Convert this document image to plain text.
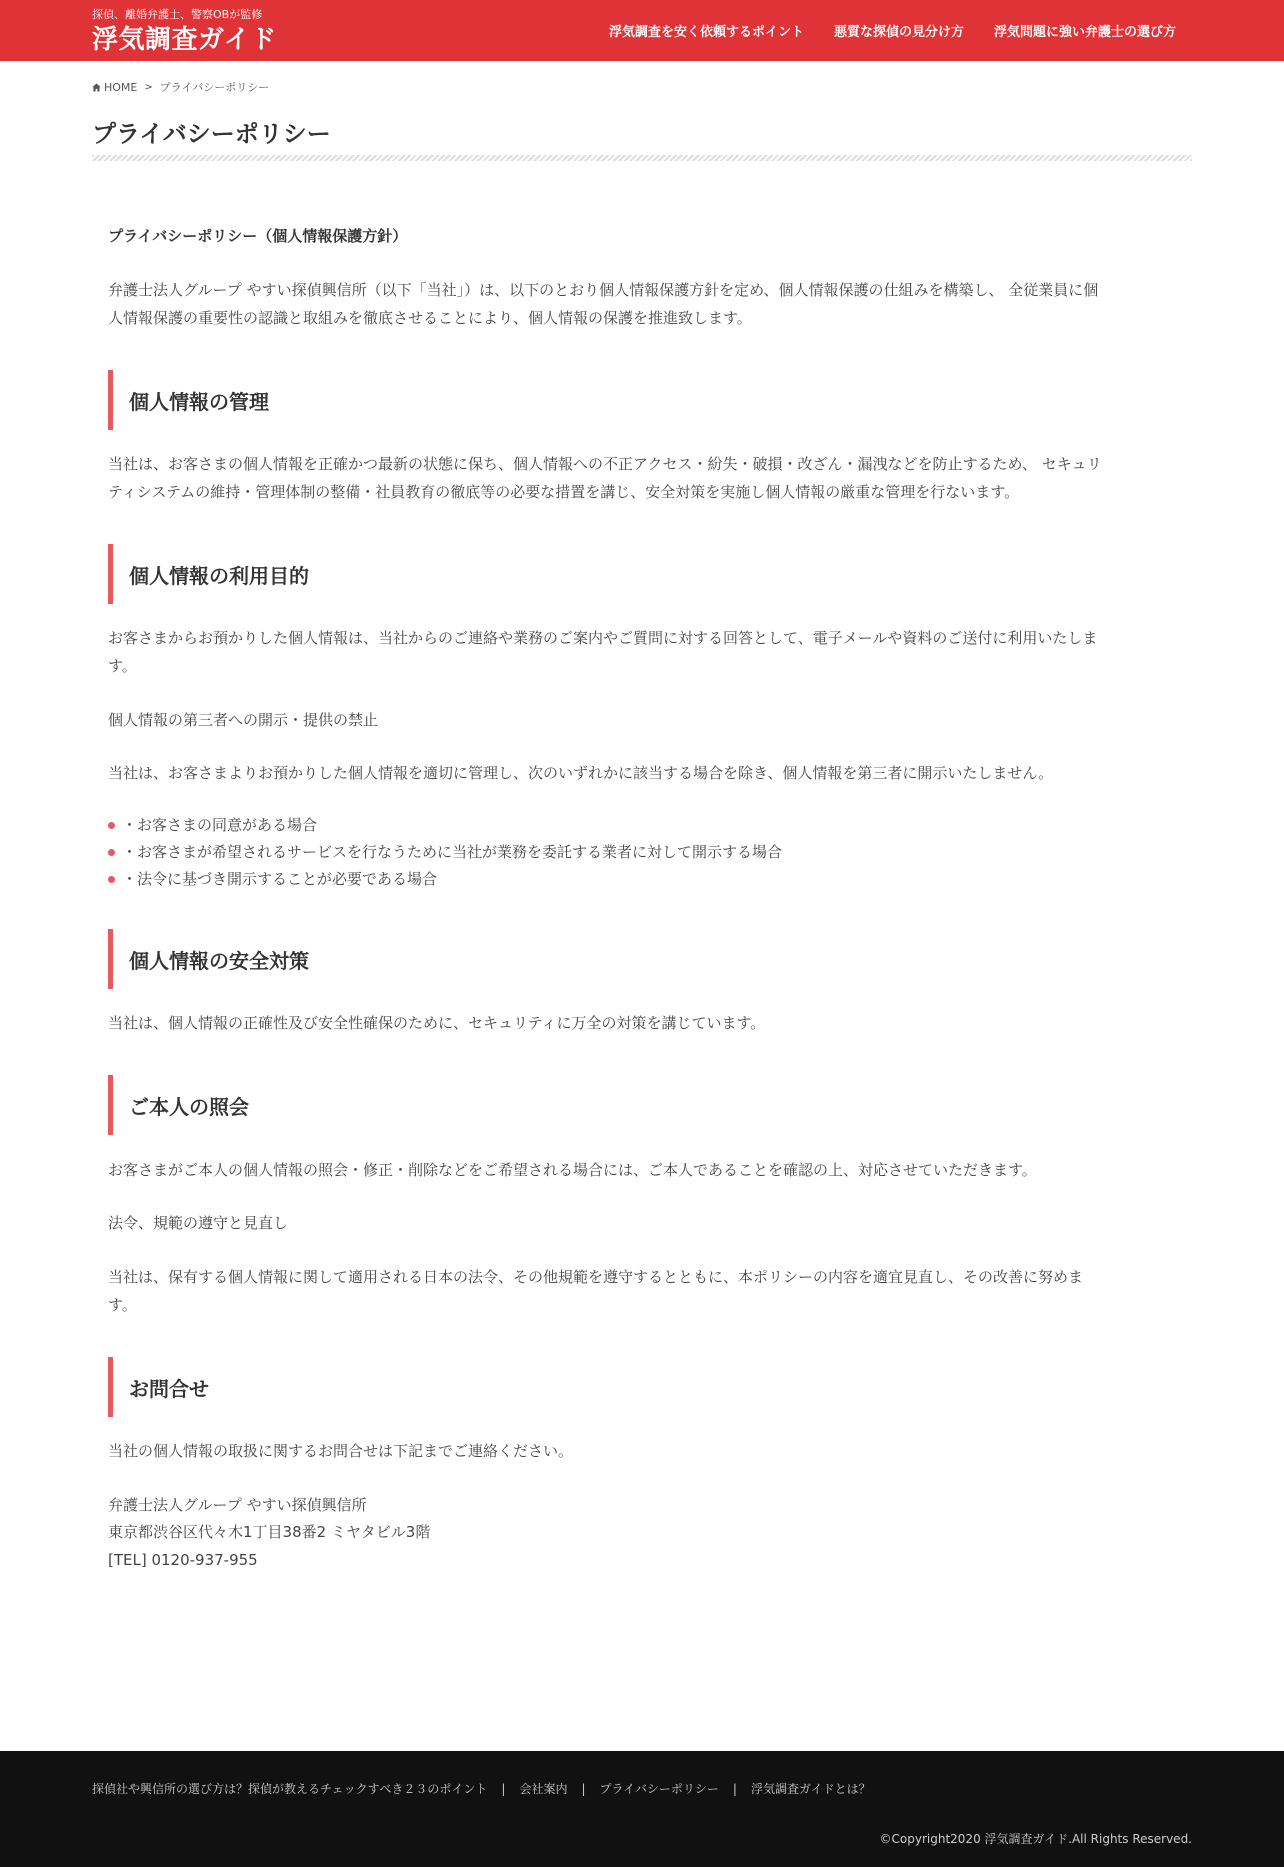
探偵、離婚弁護士、警察OBが監修
浮気調査ガイド	浮気調査を安く依頼するポイント 悪質な探偵の見分け方 浮気問題に強い弁護士の選び方
HOME > プライバシーポリシー
プライバシーポリシー
プライバシーポリシー（個人情報保護方針）
弁護士法人グループ やすい探偵興信所（以下「当社」）は、以下のとおり個人情報保護方針を定め、個人情報保護の仕組みを構築し、 全従業員に個
人情報保護の重要性の認識と取組みを徹底させることにより、個人情報の保護を推進致します。
個人情報の管理
当社は、お客さまの個人情報を正確かつ最新の状態に保ち、個人情報への不正アクセス・紛失・破損・改ざん・漏洩などを防止するため、 セキュリ
ティシステムの維持・管理体制の整備・社員教育の徹底等の必要な措置を講じ、安全対策を実施し個人情報の厳重な管理を行ないます。
個人情報の利用目的
お客さまからお預かりした個人情報は、当社からのご連絡や業務のご案内やご質問に対する回答として、電子メールや資料のご送付に利用いたしま
す。
個人情報の第三者への開示・提供の禁止
当社は、お客さまよりお預かりした個人情報を適切に管理し、次のいずれかに該当する場合を除き、個人情報を第三者に開示いたしません。
・お客さまの同意がある場合
・お客さまが希望されるサービスを行なうために当社が業務を委託する業者に対して開示する場合
・法令に基づき開示することが必要である場合
個人情報の安全対策
当社は、個人情報の正確性及び安全性確保のために、セキュリティに万全の対策を講じています。
ご本人の照会
お客さまがご本人の個人情報の照会・修正・削除などをご希望される場合には、ご本人であることを確認の上、対応させていただきます。
法令、規範の遵守と見直し
当社は、保有する個人情報に関して適用される日本の法令、その他規範を遵守するとともに、本ポリシーの内容を適宜見直し、その改善に努めま
す。
お問合せ
当社の個人情報の取扱に関するお問合せは下記までご連絡ください。
弁護士法人グループ やすい探偵興信所
東京都渋谷区代々木1丁目38番2 ミヤタビル3階
[TEL] 0120-937-955
探偵社や興信所の選び方は？探偵が教えるチェックすべき２３のポイント | 会社案内 | プライバシーポリシー | 浮気調査ガイドとは？
©Copyright2020 浮気調査ガイド.All Rights Reserved.
